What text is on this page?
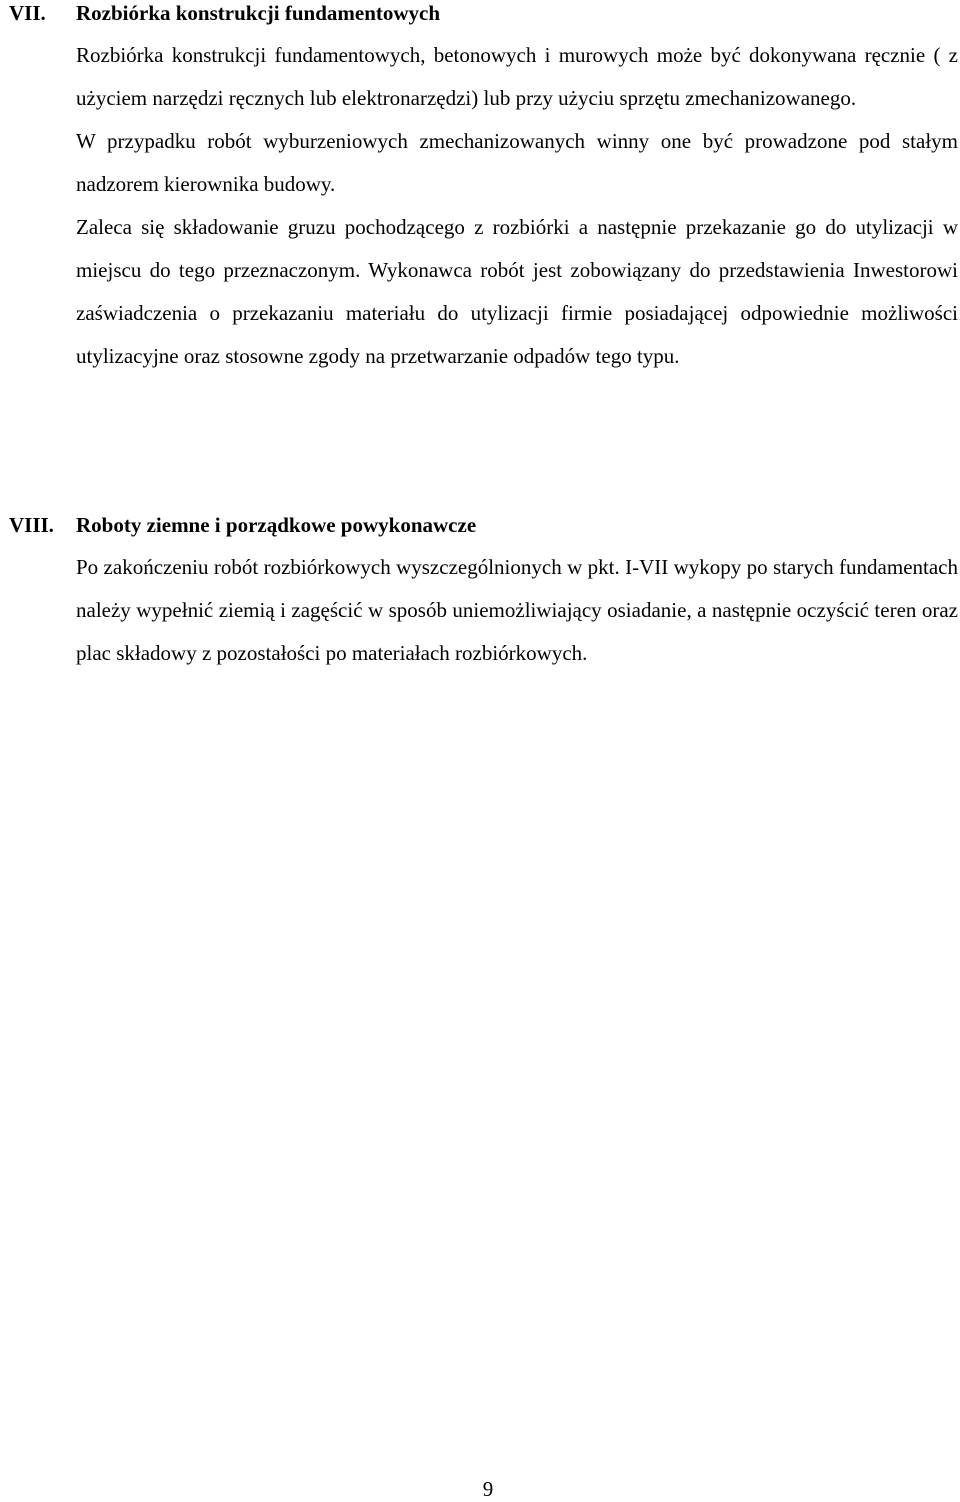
VII. Rozbiórka konstrukcji fundamentowych

Rozbiórka konstrukcji fundamentowych, betonowych i murowych może być dokonywana ręcznie ( z użyciem narzędzi ręcznych lub elektronarzędzi) lub przy użyciu sprzętu zmechanizowanego.

W przypadku robót wyburzeniowych zmechanizowanych winny one być prowadzone pod stałym nadzorem kierownika budowy.

Zaleca się składowanie gruzu pochodzącego z rozbiórki a następnie przekazanie go do utylizacji w miejscu do tego przeznaczonym. Wykonawca robót jest zobowiązany do przedstawienia Inwestorowi zaświadczenia o przekazaniu materiału do utylizacji firmie posiadającej odpowiednie możliwości utylizacyjne oraz stosowne zgody na przetwarzanie odpadów tego typu.

VIII. Roboty ziemne i porządkowe powykonawcze

Po zakończeniu robót rozbiórkowych wyszczególnionych w pkt. I-VII wykopy po starych fundamentach należy wypełnić ziemią i zagęścić w sposób uniemożliwiający osiadanie, a następnie oczyścić teren oraz plac składowy z pozostałości po materiałach rozbiórkowych.

9
